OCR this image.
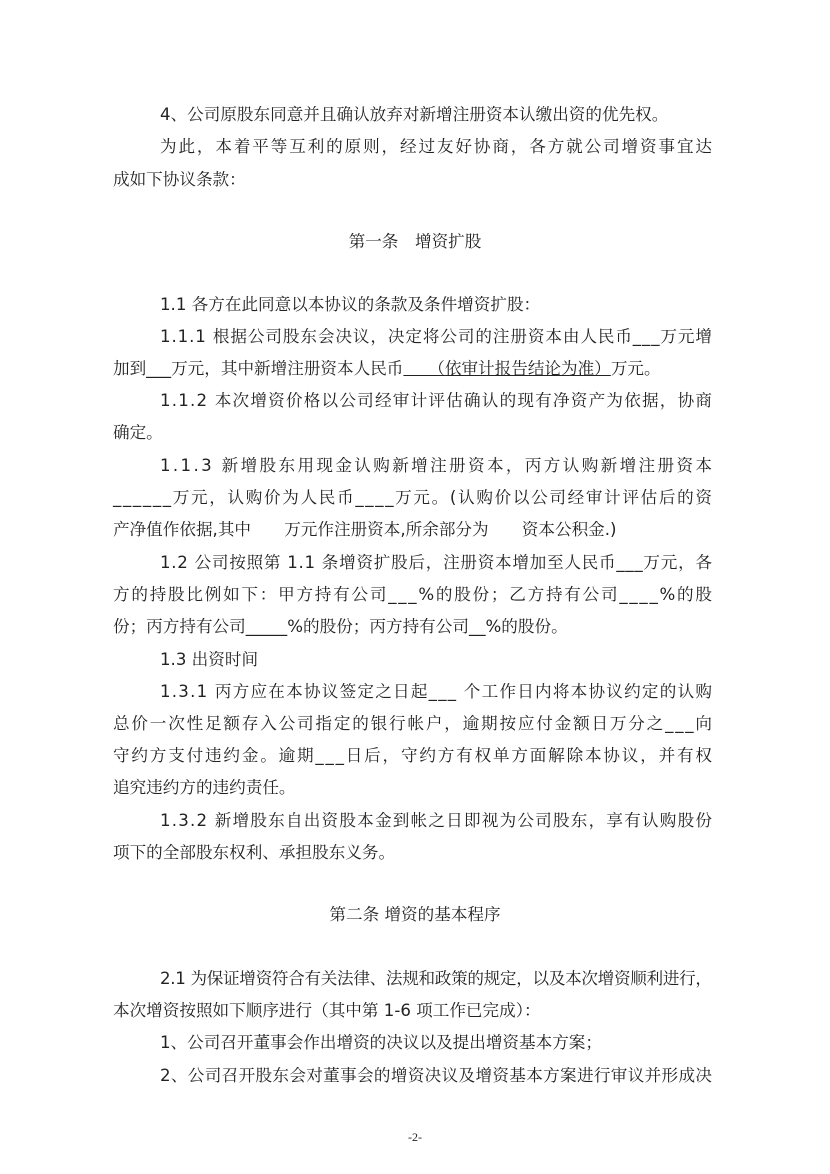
4、公司原股东同意并且确认放弃对新增注册资本认缴出资的优先权。
为此，本着平等互利的原则，经过友好协商，各方就公司增资事宜达
成如下协议条款：
第一条　增资扩股
1.1 各方在此同意以本协议的条款及条件增资扩股：
1.1.1 根据公司股东会决议，决定将公司的注册资本由人民币___万元增
加到___万元，其中新增注册资本人民币　　（依审计报告结论为准）万元。
1.1.2 本次增资价格以公司经审计评估确认的现有净资产为依据，协商
确定。
1.1.3 新增股东用现金认购新增注册资本，丙方认购新增注册资本
______万元，认购价为人民币____万元。(认购价以公司经审计评估后的资
产净值作依据,其中　　万元作注册资本,所余部分为　　资本公积金.)
1.2 公司按照第 1.1 条增资扩股后，注册资本增加至人民币___万元，各
方的持股比例如下：甲方持有公司___%的股份；乙方持有公司____%的股
份；丙方持有公司_____%的股份；丙方持有公司__%的股份。
1.3 出资时间
1.3.1 丙方应在本协议签定之日起___ 个工作日内将本协议约定的认购
总价一次性足额存入公司指定的银行帐户，逾期按应付金额日万分之___向
守约方支付违约金。逾期___日后，守约方有权单方面解除本协议，并有权
追究违约方的违约责任。
1.3.2 新增股东自出资股本金到帐之日即视为公司股东，享有认购股份
项下的全部股东权利、承担股东义务。
第二条 增资的基本程序
2.1 为保证增资符合有关法律、法规和政策的规定，以及本次增资顺利进行，
本次增资按照如下顺序进行（其中第 1-6 项工作已完成）：
1、公司召开董事会作出增资的决议以及提出增资基本方案；
2、公司召开股东会对董事会的增资决议及增资基本方案进行审议并形成决
-2-
